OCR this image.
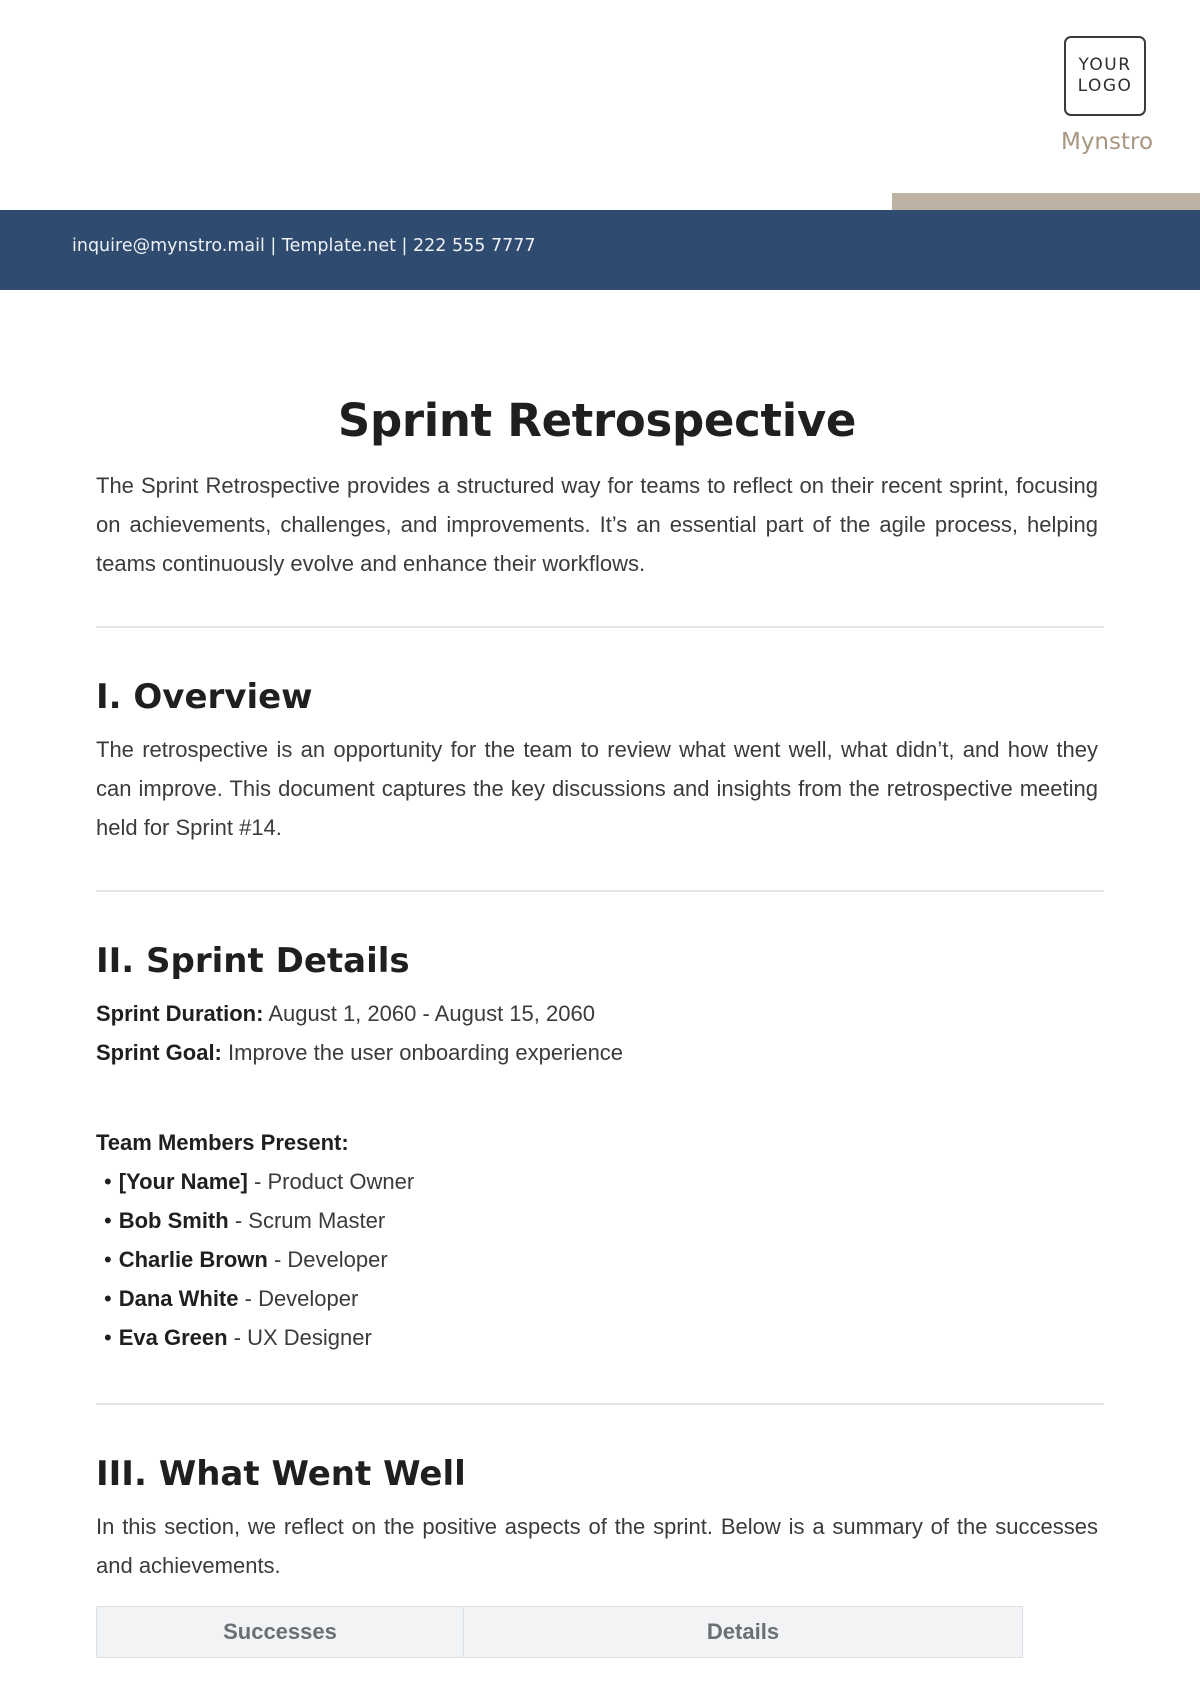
YOUR
LOGO
Mynstro
inquire@mynstro.mail | Template.net | 222 555 7777
Sprint Retrospective

The Sprint Retrospective provides a structured way for teams to reflect on their recent sprint, focusing on achievements, challenges, and improvements. It’s an essential part of the agile process, helping teams continuously evolve and enhance their workflows.

I. Overview

The retrospective is an opportunity for the team to review what went well, what didn’t, and how they can improve. This document captures the key discussions and insights from the retrospective meeting held for Sprint #14.

II. Sprint Details
Sprint Duration: August 1, 2060 - August 15, 2060
Sprint Goal: Improve the user onboarding experience
Team Members Present:
• [Your Name] - Product Owner
• Bob Smith - Scrum Master
• Charlie Brown - Developer
• Dana White - Developer
• Eva Green - UX Designer
III. What Went Well

In this section, we reflect on the positive aspects of the sprint. Below is a summary of the successes and achievements.

Successes	Details
